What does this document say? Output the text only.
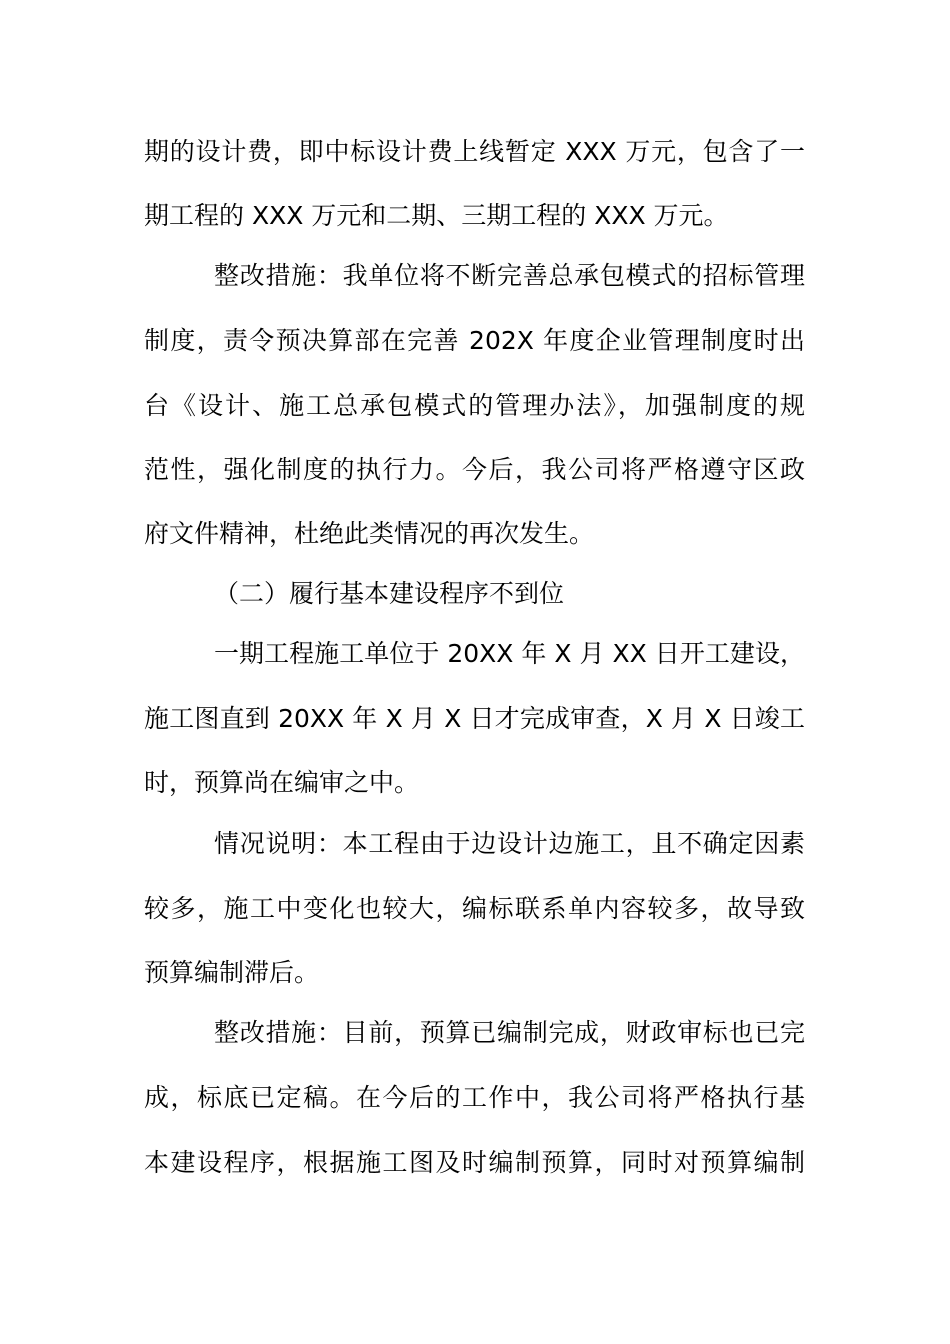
期的设计费，即中标设计费上线暂定 XXX 万元，包含了一

期工程的 XXX 万元和二期、三期工程的 XXX 万元。

整改措施：我单位将不断完善总承包模式的招标管理

制度，责令预决算部在完善 202X 年度企业管理制度时出

台《设计、施工总承包模式的管理办法》，加强制度的规

范性，强化制度的执行力。今后，我公司将严格遵守区政

府文件精神，杜绝此类情况的再次发生。

（二）履行基本建设程序不到位

一期工程施工单位于 20XX 年 X 月 XX 日开工建设，

施工图直到 20XX 年 X 月 X 日才完成审查，X 月 X 日竣工

时，预算尚在编审之中。

情况说明：本工程由于边设计边施工，且不确定因素

较多，施工中变化也较大，编标联系单内容较多，故导致

预算编制滞后。

整改措施：目前，预算已编制完成，财政审标也已完

成，标底已定稿。在今后的工作中，我公司将严格执行基

本建设程序，根据施工图及时编制预算，同时对预算编制
